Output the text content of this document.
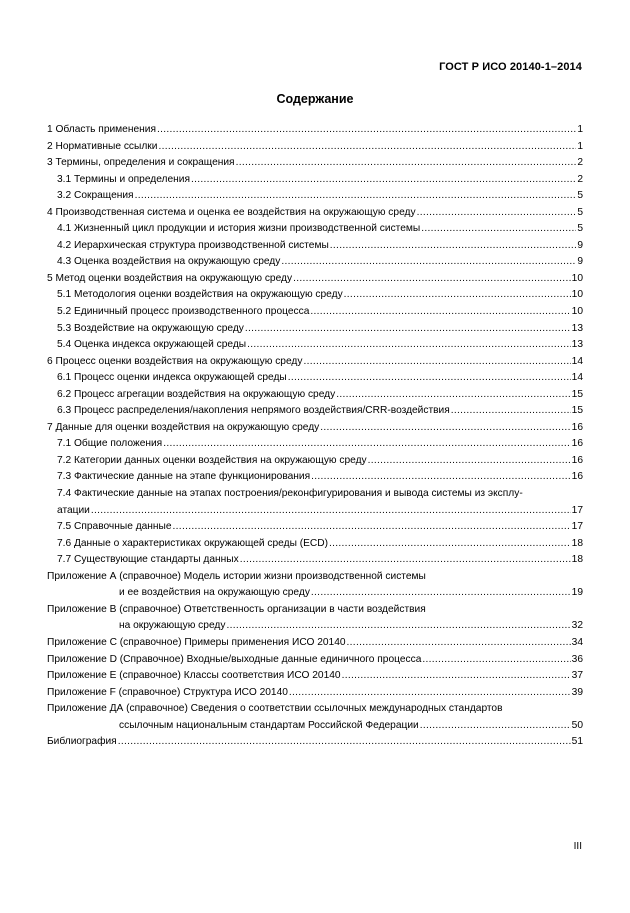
ГОСТ Р ИСО 20140-1–2014
Содержание
1 Область применения .....	1
2 Нормативные ссылки .....	1
3 Термины, определения и сокращения .....	2
3.1 Термины и определения .....	2
3.2 Сокращения .....	5
4 Производственная система и оценка ее воздействия на окружающую среду .....	5
4.1 Жизненный цикл продукции и история жизни производственной системы .....	5
4.2 Иерархическая структура производственной системы .....	9
4.3 Оценка воздействия на окружающую среду .....	9
5 Метод оценки воздействия на окружающую среду .....	10
5.1 Методология оценки воздействия на окружающую среду .....	10
5.2 Единичный процесс производственного процесса .....	10
5.3 Воздействие на окружающую среду .....	13
5.4 Оценка индекса окружающей среды .....	13
6 Процесс оценки воздействия на окружающую среду .....	14
6.1 Процесс оценки индекса окружающей среды .....	14
6.2 Процесс агрегации воздействия на окружающую среду .....	15
6.3 Процесс распределения/накопления непрямого воздействия/CRR-воздействия .....	15
7 Данные для оценки воздействия на окружающую среду .....	16
7.1 Общие положения .....	16
7.2 Категории данных оценки воздействия на окружающую среду .....	16
7.3 Фактические данные на этапе функционирования .....	16
7.4 Фактические данные на этапах построения/реконфигурирования и вывода системы из эксплу-
атации .....	17
7.5 Справочные данные .....	17
7.6 Данные о характеристиках окружающей среды (ECD) .....	18
7.7 Существующие стандарты данных .....	18
Приложение А (справочное) Модель истории жизни производственной системы
и ее воздействия на окружающую среду .....	19
Приложение В (справочное) Ответственность организации в части воздействия
на окружающую среду .....	32
Приложение С (справочное) Примеры применения ИСО 20140 .....	34
Приложение D (Справочное) Входные/выходные данные единичного процесса .....	36
Приложение Е (справочное) Классы соответствия ИСО 20140 .....	37
Приложение F (справочное) Структура ИСО 20140 .....	39
Приложение ДА (справочное) Сведения о соответствии ссылочных международных стандартов
ссылочным национальным стандартам Российской Федерации .....	50
Библиография .....	51
III
